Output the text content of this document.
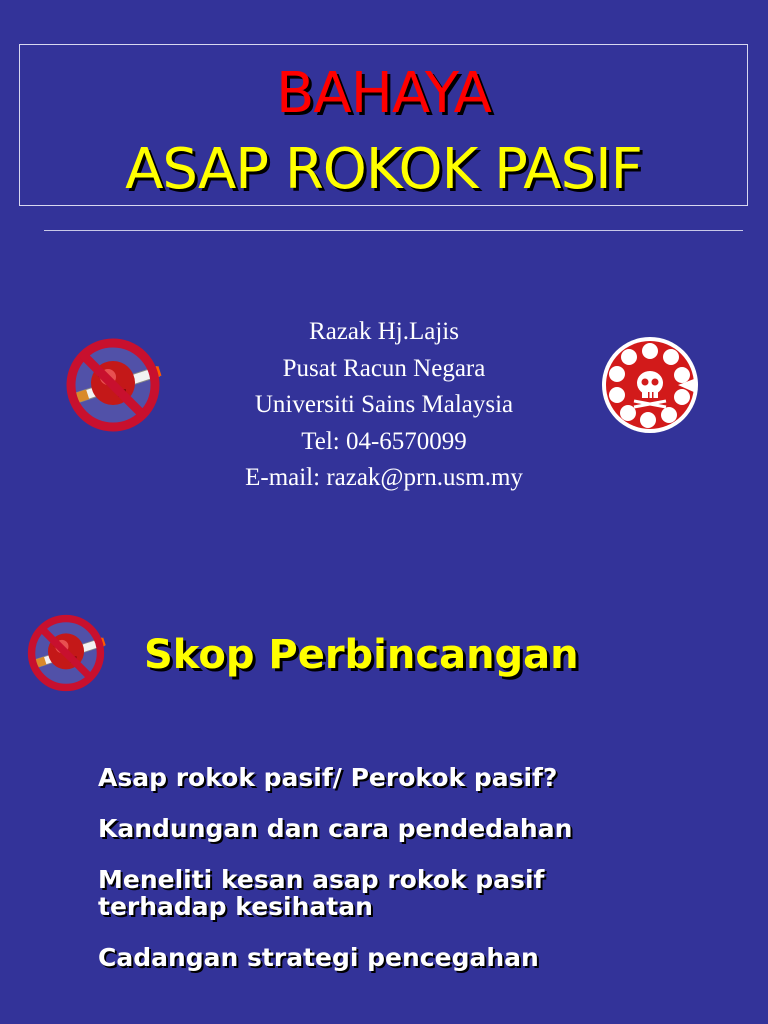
BAHAYA
ASAP ROKOK PASIF
Razak Hj.Lajis
Pusat Racun Negara
Universiti Sains Malaysia
Tel: 04-6570099
E-mail: razak@prn.usm.my
Skop Perbincangan
Asap rokok pasif/ Perokok pasif?
Kandungan dan cara pendedahan
Meneliti kesan asap rokok pasif terhadap kesihatan
Cadangan strategi pencegahan
